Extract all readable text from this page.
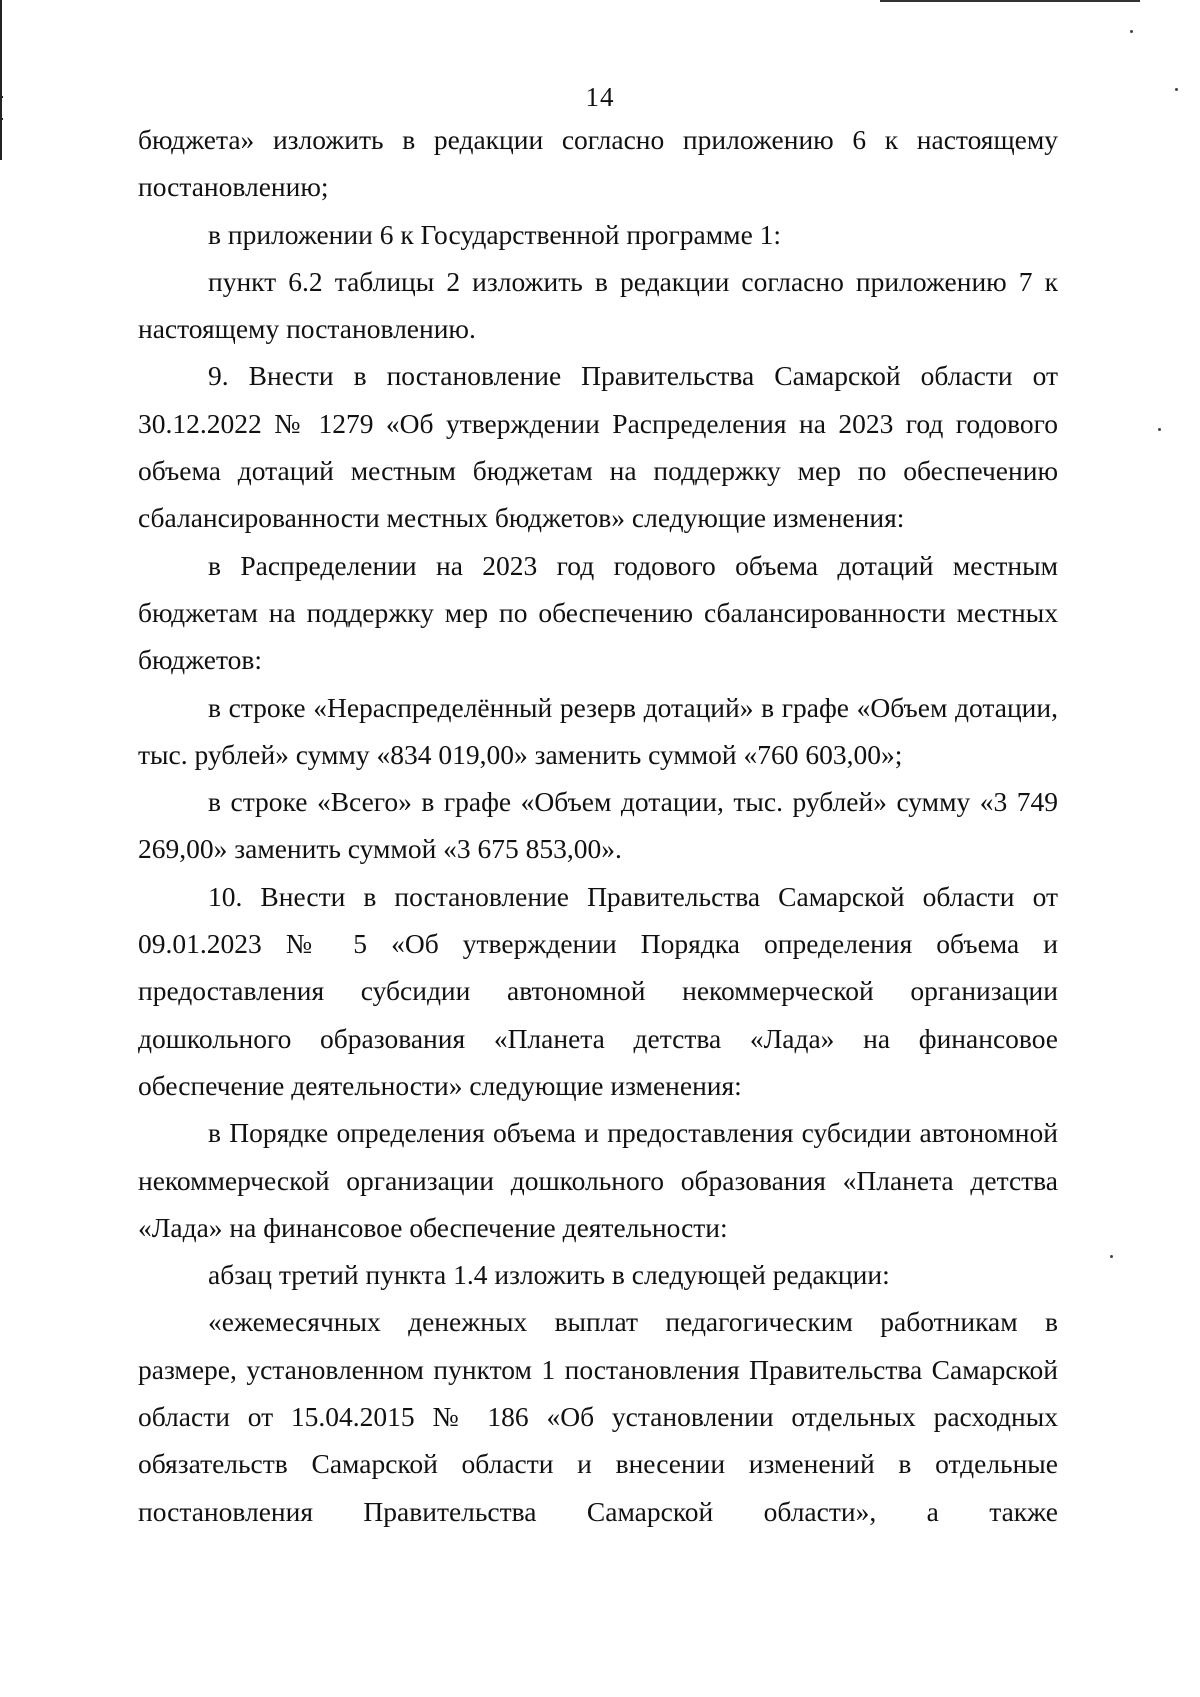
14

бюджета» изложить в редакции согласно приложению 6 к настоящему постановлению;

в приложении 6 к Государственной программе 1:

пункт 6.2 таблицы 2 изложить в редакции согласно приложению 7 к настоящему постановлению.

9. Внести в постановление Правительства Самарской области от 30.12.2022 № 1279 «Об утверждении Распределения на 2023 год годового объема дотаций местным бюджетам на поддержку мер по обеспечению сбалансированности местных бюджетов» следующие изменения:

в Распределении на 2023 год годового объема дотаций местным бюджетам на поддержку мер по обеспечению сбалансированности местных бюджетов:

в строке «Нераспределённый резерв дотаций» в графе «Объем дотации, тыс. рублей» сумму «834 019,00» заменить суммой «760 603,00»;

в строке «Всего» в графе «Объем дотации, тыс. рублей» сумму «3 749 269,00» заменить суммой «3 675 853,00».

10. Внести в постановление Правительства Самарской области от 09.01.2023 № 5 «Об утверждении Порядка определения объема и предоставления субсидии автономной некоммерческой организации дошкольного образования «Планета детства «Лада» на финансовое обеспечение деятельности» следующие изменения:

в Порядке определения объема и предоставления субсидии автономной некоммерческой организации дошкольного образования «Планета детства «Лада» на финансовое обеспечение деятельности:

абзац третий пункта 1.4 изложить в следующей редакции:

«ежемесячных денежных выплат педагогическим работникам в размере, установленном пунктом 1 постановления Правительства Самарской области от 15.04.2015 № 186 «Об установлении отдельных расходных обязательств Самарской области и внесении изменений в отдельные постановления Правительства Самарской области», а также
